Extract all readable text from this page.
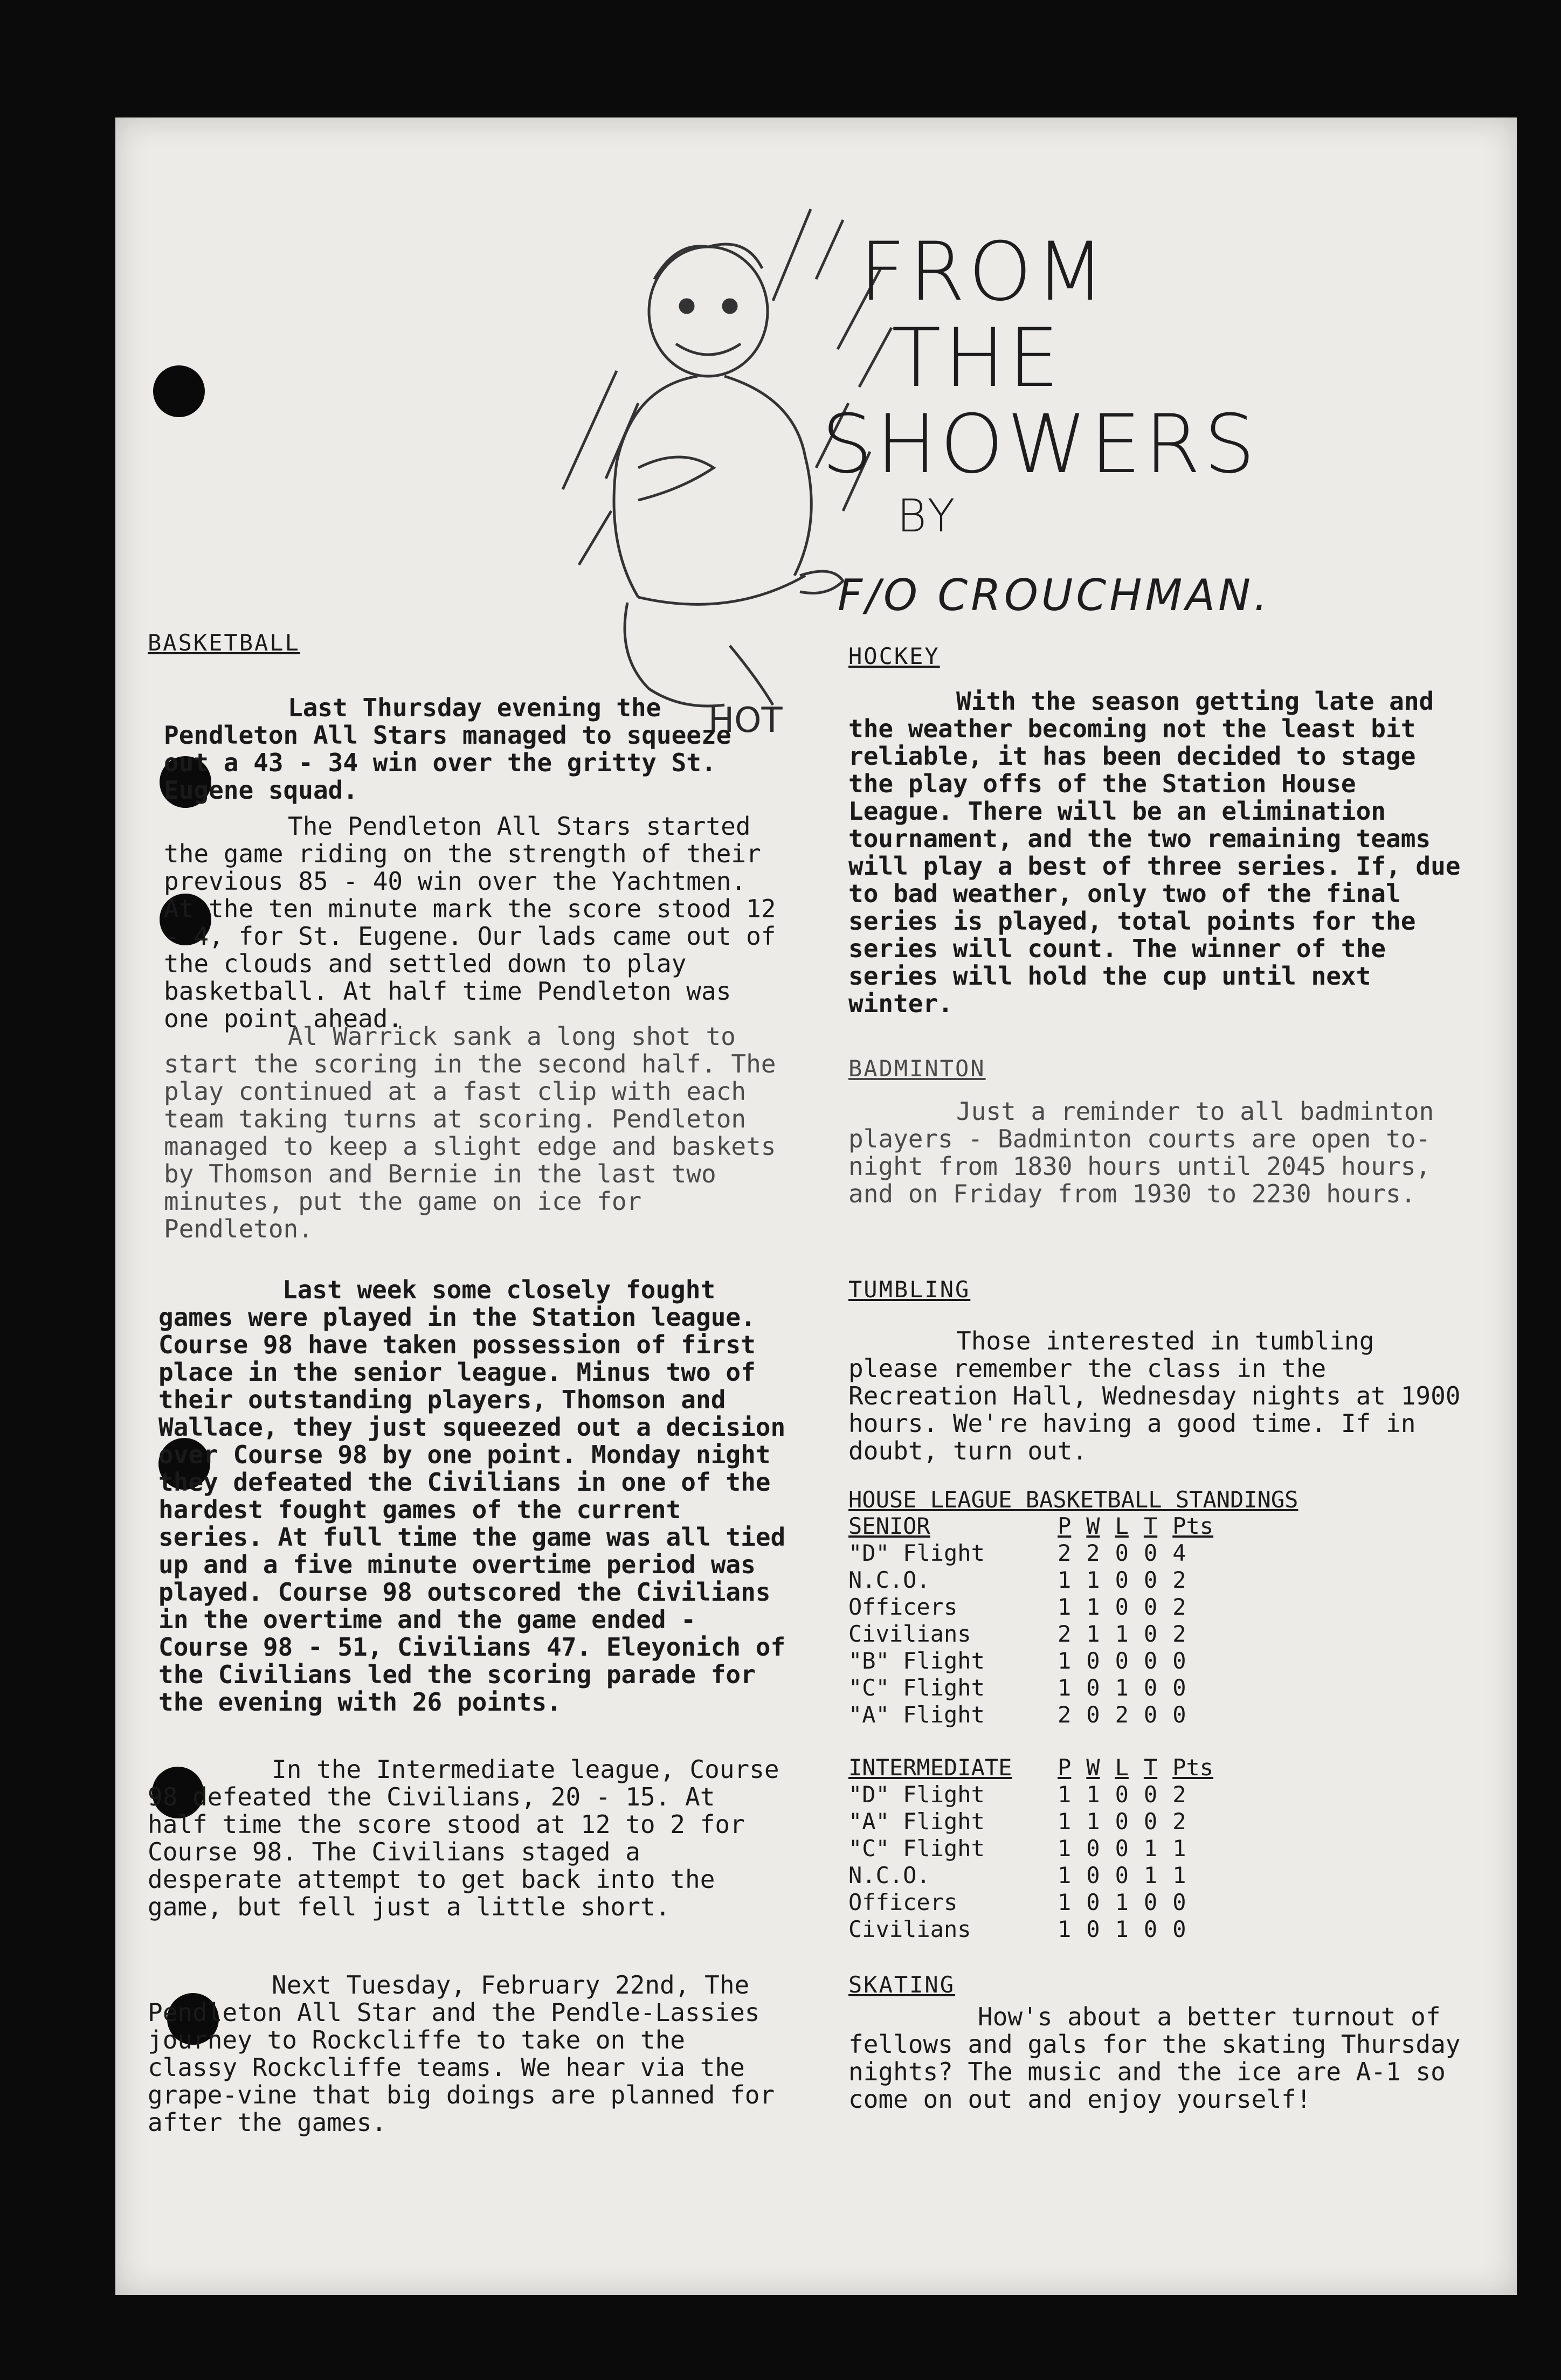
HOT
FROM
THE
SHOWERS
BY
F/O CROUCHMAN.

BASKETBALL

Last Thursday evening the Pendleton All Stars managed to squeeze out a 43 - 34 win over the gritty St. Eugene squad.

The Pendleton All Stars started the game riding on the strength of their previous 85 - 40 win over the Yachtmen. At the ten minute mark the score stood 12 - 4, for St. Eugene. Our lads came out of the clouds and settled down to play basketball. At half time Pendleton was one point ahead.

Al Warrick sank a long shot to start the scoring in the second half. The play continued at a fast clip with each team taking turns at scoring. Pendleton managed to keep a slight edge and baskets by Thomson and Bernie in the last two minutes, put the game on ice for Pendleton.

Last week some closely fought games were played in the Station league. Course 98 have taken possession of first place in the senior league. Minus two of their outstanding players, Thomson and Wallace, they just squeezed out a decision over Course 98 by one point. Monday night they defeated the Civilians in one of the hardest fought games of the current series. At full time the game was all tied up and a five minute overtime period was played. Course 98 outscored the Civilians in the overtime and the game ended - Course 98 - 51, Civilians 47. Eleyonich of the Civilians led the scoring parade for the evening with 26 points.

In the Intermediate league, Course 98 defeated the Civilians, 20 - 15. At half time the score stood at 12 to 2 for Course 98. The Civilians staged a desperate attempt to get back into the game, but fell just a little short.

Next Tuesday, February 22nd, The Pendleton All Star and the Pendle-Lassies journey to Rockcliffe to take on the classy Rockcliffe teams. We hear via the grape-vine that big doings are planned for after the games.

HOCKEY

With the season getting late and the weather becoming not the least bit reliable, it has been decided to stage the play offs of the Station House League. There will be an elimination tournament, and the two remaining teams will play a best of three series. If, due to bad weather, only two of the final series is played, total points for the series will count. The winner of the series will hold the cup until next winter.

BADMINTON

Just a reminder to all badminton players - Badminton courts are open to-night from 1830 hours until 2045 hours, and on Friday from 1930 to 2230 hours.

TUMBLING

Those interested in tumbling please remember the class in the Recreation Hall, Wednesday nights at 1900 hours. We're having a good time. If in doubt, turn out.

HOUSE LEAGUE BASKETBALL STANDINGS
SENIOR	P	W	L	T	Pts
"D" Flight	2	2	0	0	4
N.C.O.	1	1	0	0	2
Officers	1	1	0	0	2
Civilians	2	1	1	0	2
"B" Flight	1	0	0	0	0
"C" Flight	1	0	1	0	0
"A" Flight	2	0	2	0	0
INTERMEDIATE	P	W	L	T	Pts
"D" Flight	1	1	0	0	2
"A" Flight	1	1	0	0	2
"C" Flight	1	0	0	1	1
N.C.O.	1	0	0	1	1
Officers	1	0	1	0	0
Civilians	1	0	1	0	0

SKATING

How's about a better turnout of fellows and gals for the skating Thursday nights? The music and the ice are A-1 so come on out and enjoy yourself!
